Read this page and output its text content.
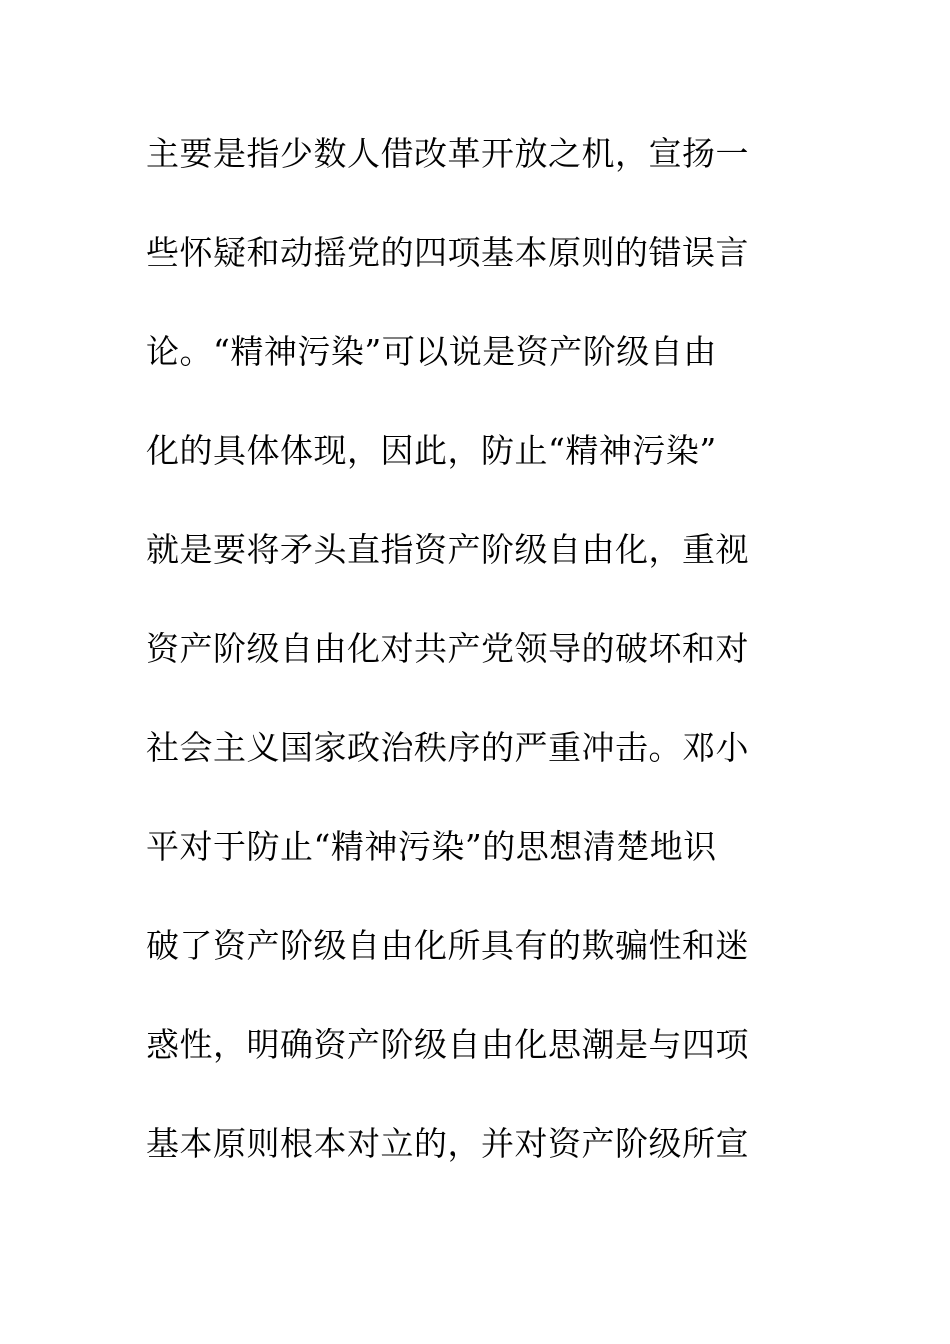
主要是指少数人借改革开放之机，宣扬一
些怀疑和动摇党的四项基本原则的错误言
论。“精神污染”可以说是资产阶级自由
化的具体体现，因此，防止“精神污染”
就是要将矛头直指资产阶级自由化，重视
资产阶级自由化对共产党领导的破坏和对
社会主义国家政治秩序的严重冲击。邓小
平对于防止“精神污染”的思想清楚地识
破了资产阶级自由化所具有的欺骗性和迷
惑性，明确资产阶级自由化思潮是与四项
基本原则根本对立的，并对资产阶级所宣
